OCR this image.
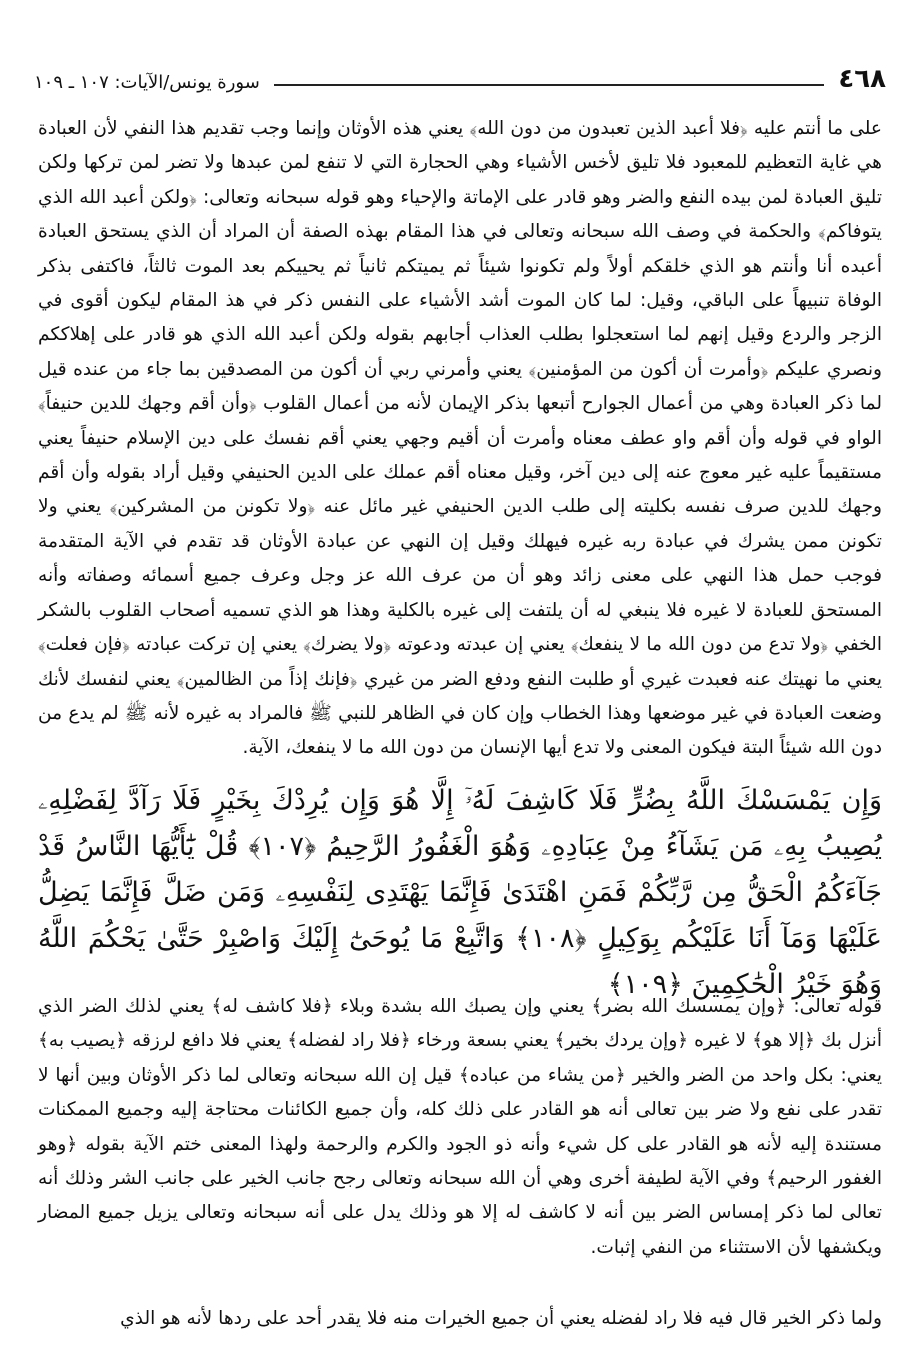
٤٦٨
سورة يونس/الآيات: ١٠٧ ـ ١٠٩

على ما أنتم عليه ﴿فلا أعبد الذين تعبدون من دون الله﴾ يعني هذه الأوثان وإنما وجب تقديم هذا النفي لأن العبادة هي غاية التعظيم للمعبود فلا تليق لأخس الأشياء وهي الحجارة التي لا تنفع لمن عبدها ولا تضر لمن تركها ولكن تليق العبادة لمن بيده النفع والضر وهو قادر على الإماتة والإحياء وهو قوله سبحانه وتعالى: ﴿ولكن أعبد الله الذي يتوفاكم﴾ والحكمة في وصف الله سبحانه وتعالى في هذا المقام بهذه الصفة أن المراد أن الذي يستحق العبادة أعبده أنا وأنتم هو الذي خلقكم أولاً ولم تكونوا شيئاً ثم يميتكم ثانياً ثم يحييكم بعد الموت ثالثاً، فاكتفى بذكر الوفاة تنبيهاً على الباقي، وقيل: لما كان الموت أشد الأشياء على النفس ذكر في هذ المقام ليكون أقوى في الزجر والردع وقيل إنهم لما استعجلوا بطلب العذاب أجابهم بقوله ولكن أعبد الله الذي هو قادر على إهلاككم ونصري عليكم ﴿وأمرت أن أكون من المؤمنين﴾ يعني وأمرني ربي أن أكون من المصدقين بما جاء من عنده قيل لما ذكر العبادة وهي من أعمال الجوارح أتبعها بذكر الإيمان لأنه من أعمال القلوب ﴿وأن أقم وجهك للدين حنيفاً﴾ الواو في قوله وأن أقم واو عطف معناه وأمرت أن أقيم وجهي يعني أقم نفسك على دين الإسلام حنيفاً يعني مستقيماً عليه غير معوج عنه إلى دين آخر، وقيل معناه أقم عملك على الدين الحنيفي وقيل أراد بقوله وأن أقم وجهك للدين صرف نفسه بكليته إلى طلب الدين الحنيفي غير مائل عنه ﴿ولا تكونن من المشركين﴾ يعني ولا تكونن ممن يشرك في عبادة ربه غيره فيهلك وقيل إن النهي عن عبادة الأوثان قد تقدم في الآية المتقدمة فوجب حمل هذا النهي على معنى زائد وهو أن من عرف الله عز وجل وعرف جميع أسمائه وصفاته وأنه المستحق للعبادة لا غيره فلا ينبغي له أن يلتفت إلى غيره بالكلية وهذا هو الذي تسميه أصحاب القلوب بالشكر الخفي ﴿ولا تدع من دون الله ما لا ينفعك﴾ يعني إن عبدته ودعوته ﴿ولا يضرك﴾ يعني إن تركت عبادته ﴿فإن فعلت﴾ يعني ما نهيتك عنه فعبدت غيري أو طلبت النفع ودفع الضر من غيري ﴿فإنك إذاً من الظالمين﴾ يعني لنفسك لأنك وضعت العبادة في غير موضعها وهذا الخطاب وإن كان في الظاهر للنبي ﷺ فالمراد به غيره لأنه ﷺ لم يدع من دون الله شيئاً البتة فيكون المعنى ولا تدع أيها الإنسان من دون الله ما لا ينفعك، الآية.

وَإِن يَمْسَسْكَ اللَّهُ بِضُرٍّ فَلَا كَاشِفَ لَهُۥٓ إِلَّا هُوَ وَإِن يُرِدْكَ بِخَيْرٍ فَلَا رَآدَّ لِفَضْلِهِۦ يُصِيبُ بِهِۦ مَن يَشَآءُ مِنْ عِبَادِهِۦ وَهُوَ الْغَفُورُ الرَّحِيمُ ﴿١٠٧﴾ قُلْ يَٰٓأَيُّهَا النَّاسُ قَدْ جَآءَكُمُ الْحَقُّ مِن رَّبِّكُمْ فَمَنِ اهْتَدَىٰ فَإِنَّمَا يَهْتَدِى لِنَفْسِهِۦ وَمَن ضَلَّ فَإِنَّمَا يَضِلُّ عَلَيْهَا وَمَآ أَنَا عَلَيْكُم بِوَكِيلٍ ﴿١٠٨﴾ وَاتَّبِعْ مَا يُوحَىٰٓ إِلَيْكَ وَاصْبِرْ حَتَّىٰ يَحْكُمَ اللَّهُ وَهُوَ خَيْرُ الْحَٰكِمِينَ ﴿١٠٩﴾

قوله تعالى: ﴿وإن يمسسك الله بضر﴾ يعني وإن يصبك الله بشدة وبلاء ﴿فلا كاشف له﴾ يعني لذلك الضر الذي أنزل بك ﴿إلا هو﴾ لا غيره ﴿وإن يردك بخير﴾ يعني بسعة ورخاء ﴿فلا راد لفضله﴾ يعني فلا دافع لرزقه ﴿يصيب به﴾ يعني: بكل واحد من الضر والخير ﴿من يشاء من عباده﴾ قيل إن الله سبحانه وتعالى لما ذكر الأوثان وبين أنها لا تقدر على نفع ولا ضر بين تعالى أنه هو القادر على ذلك كله، وأن جميع الكائنات محتاجة إليه وجميع الممكنات مستندة إليه لأنه هو القادر على كل شيء وأنه ذو الجود والكرم والرحمة ولهذا المعنى ختم الآية بقوله ﴿وهو الغفور الرحيم﴾ وفي الآية لطيفة أخرى وهي أن الله سبحانه وتعالى رجح جانب الخير على جانب الشر وذلك أنه تعالى لما ذكر إمساس الضر بين أنه لا كاشف له إلا هو وذلك يدل على أنه سبحانه وتعالى يزيل جميع المضار ويكشفها لأن الاستثناء من النفي إثبات.

ولما ذكر الخير قال فيه فلا راد لفضله يعني أن جميع الخيرات منه فلا يقدر أحد على ردها لأنه هو الذي
